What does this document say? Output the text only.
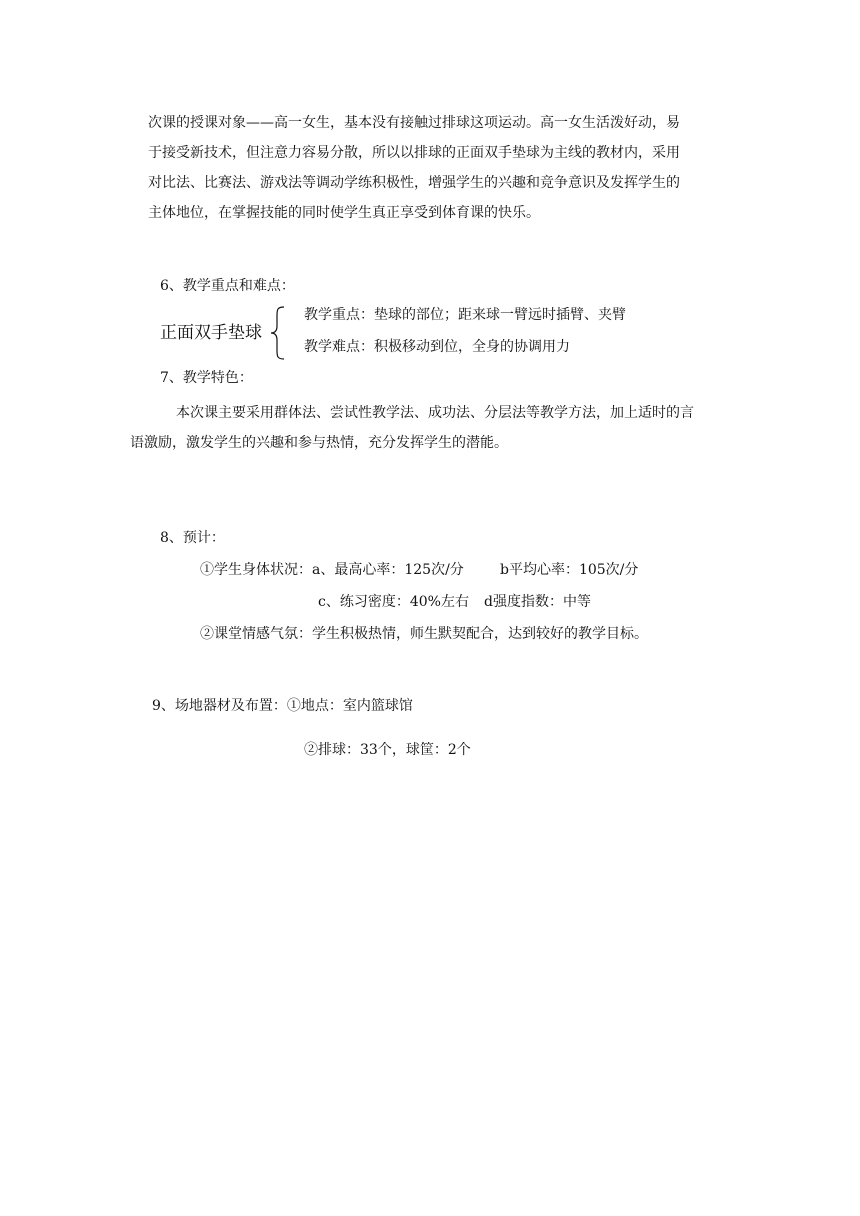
次课的授课对象——高一女生，基本没有接触过排球这项运动。高一女生活泼好动，易

于接受新技术，但注意力容易分散，所以以排球的正面双手垫球为主线的教材内，采用

对比法、比赛法、游戏法等调动学练积极性，增强学生的兴趣和竞争意识及发挥学生的

主体地位，在掌握技能的同时使学生真正享受到体育课的快乐。

6、教学重点和难点：
正面双手垫球
教学重点：垫球的部位；距来球一臂远时插臂、夹臂
教学难点：积极移动到位，全身的协调用力
7、教学特色：

本次课主要采用群体法、尝试性教学法、成功法、分层法等教学方法，加上适时的言

语激励，激发学生的兴趣和参与热情，充分发挥学生的潜能。

8、预计：
①学生身体状况：a、最高心率：125次/分	b平均心率：105次/分
c、练习密度：40%左右 d强度指数：中等
②课堂情感气氛：学生积极热情，师生默契配合，达到较好的教学目标。
9、场地器材及布置：①地点：室内篮球馆
②排球：33个，球筐：2个
